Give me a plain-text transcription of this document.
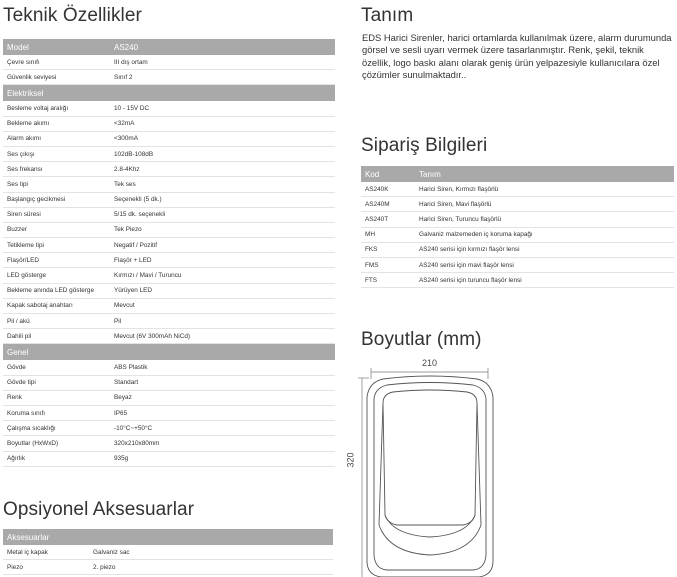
Teknik Özellikler
Model	AS240
Çevre sınıfı	III dış ortam
Güvenlik seviyesi	Sınıf 2
Elektriksel	
Besleme voltaj aralığı	10 - 15V DC
Bekleme akımı	<32mA
Alarm akımı	<300mA
Ses çıkışı	102dB-108dB
Ses frekansı	2.8-4Khz
Ses tipi	Tek ses
Başlangıç gecikmesi	Seçenekli (5 dk.)
Siren süresi	5/15 dk. seçenekli
Buzzer	Tek Piezo
Tetikleme tipi	Negatif / Pozitif
Flaşör/LED	Flaşör + LED
LED gösterge	Kırmızı / Mavi / Turuncu
Bekleme anında LED gösterge	Yürüyen LED
Kapak sabotaj anahtarı	Mevcut
Pil / akü	Pil
Dahili pil	Mevcut (6V 300mAh NiCd)
Genel	
Gövde	ABS Plastik
Gövde tipi	Standart
Renk	Beyaz
Koruma sınıfı	IP65
Çalışma sıcaklığı	-10°C~+50°C
Boyutlar (HxWxD)	320x210x80mm
Ağırlık	935g
Opsiyonel Aksesuarlar
Aksesuarlar	
Metal iç kapak	Galvaniz sac
Piezo	2. piezo
Tanım
EDS Harici Sirenler, harici ortamlarda kullanılmak üzere, alarm durumunda görsel ve sesli uyarı vermek üzere tasarlanmıştır. Renk, şekil, teknik özellik, logo baskı alanı olarak geniş ürün yelpazesiyle kullanıcılara özel çözümler sunulmaktadır..
Sipariş Bilgileri
Kod	Tanım
AS240K	Harici Siren, Kırmızı flaşörlü
AS240M	Harici Siren, Mavi flaşörlü
AS240T	Harici Siren, Turuncu flaşörlü
MH	Galvaniz malzemeden iç koruma kapağı
FKS	AS240 serisi için kırmızı flaşör lensi
FMS	AS240 serisi için mavi flaşör lensi
FTS	AS240 serisi için turuncu flaşör lensi
Boyutlar (mm)
210
320
